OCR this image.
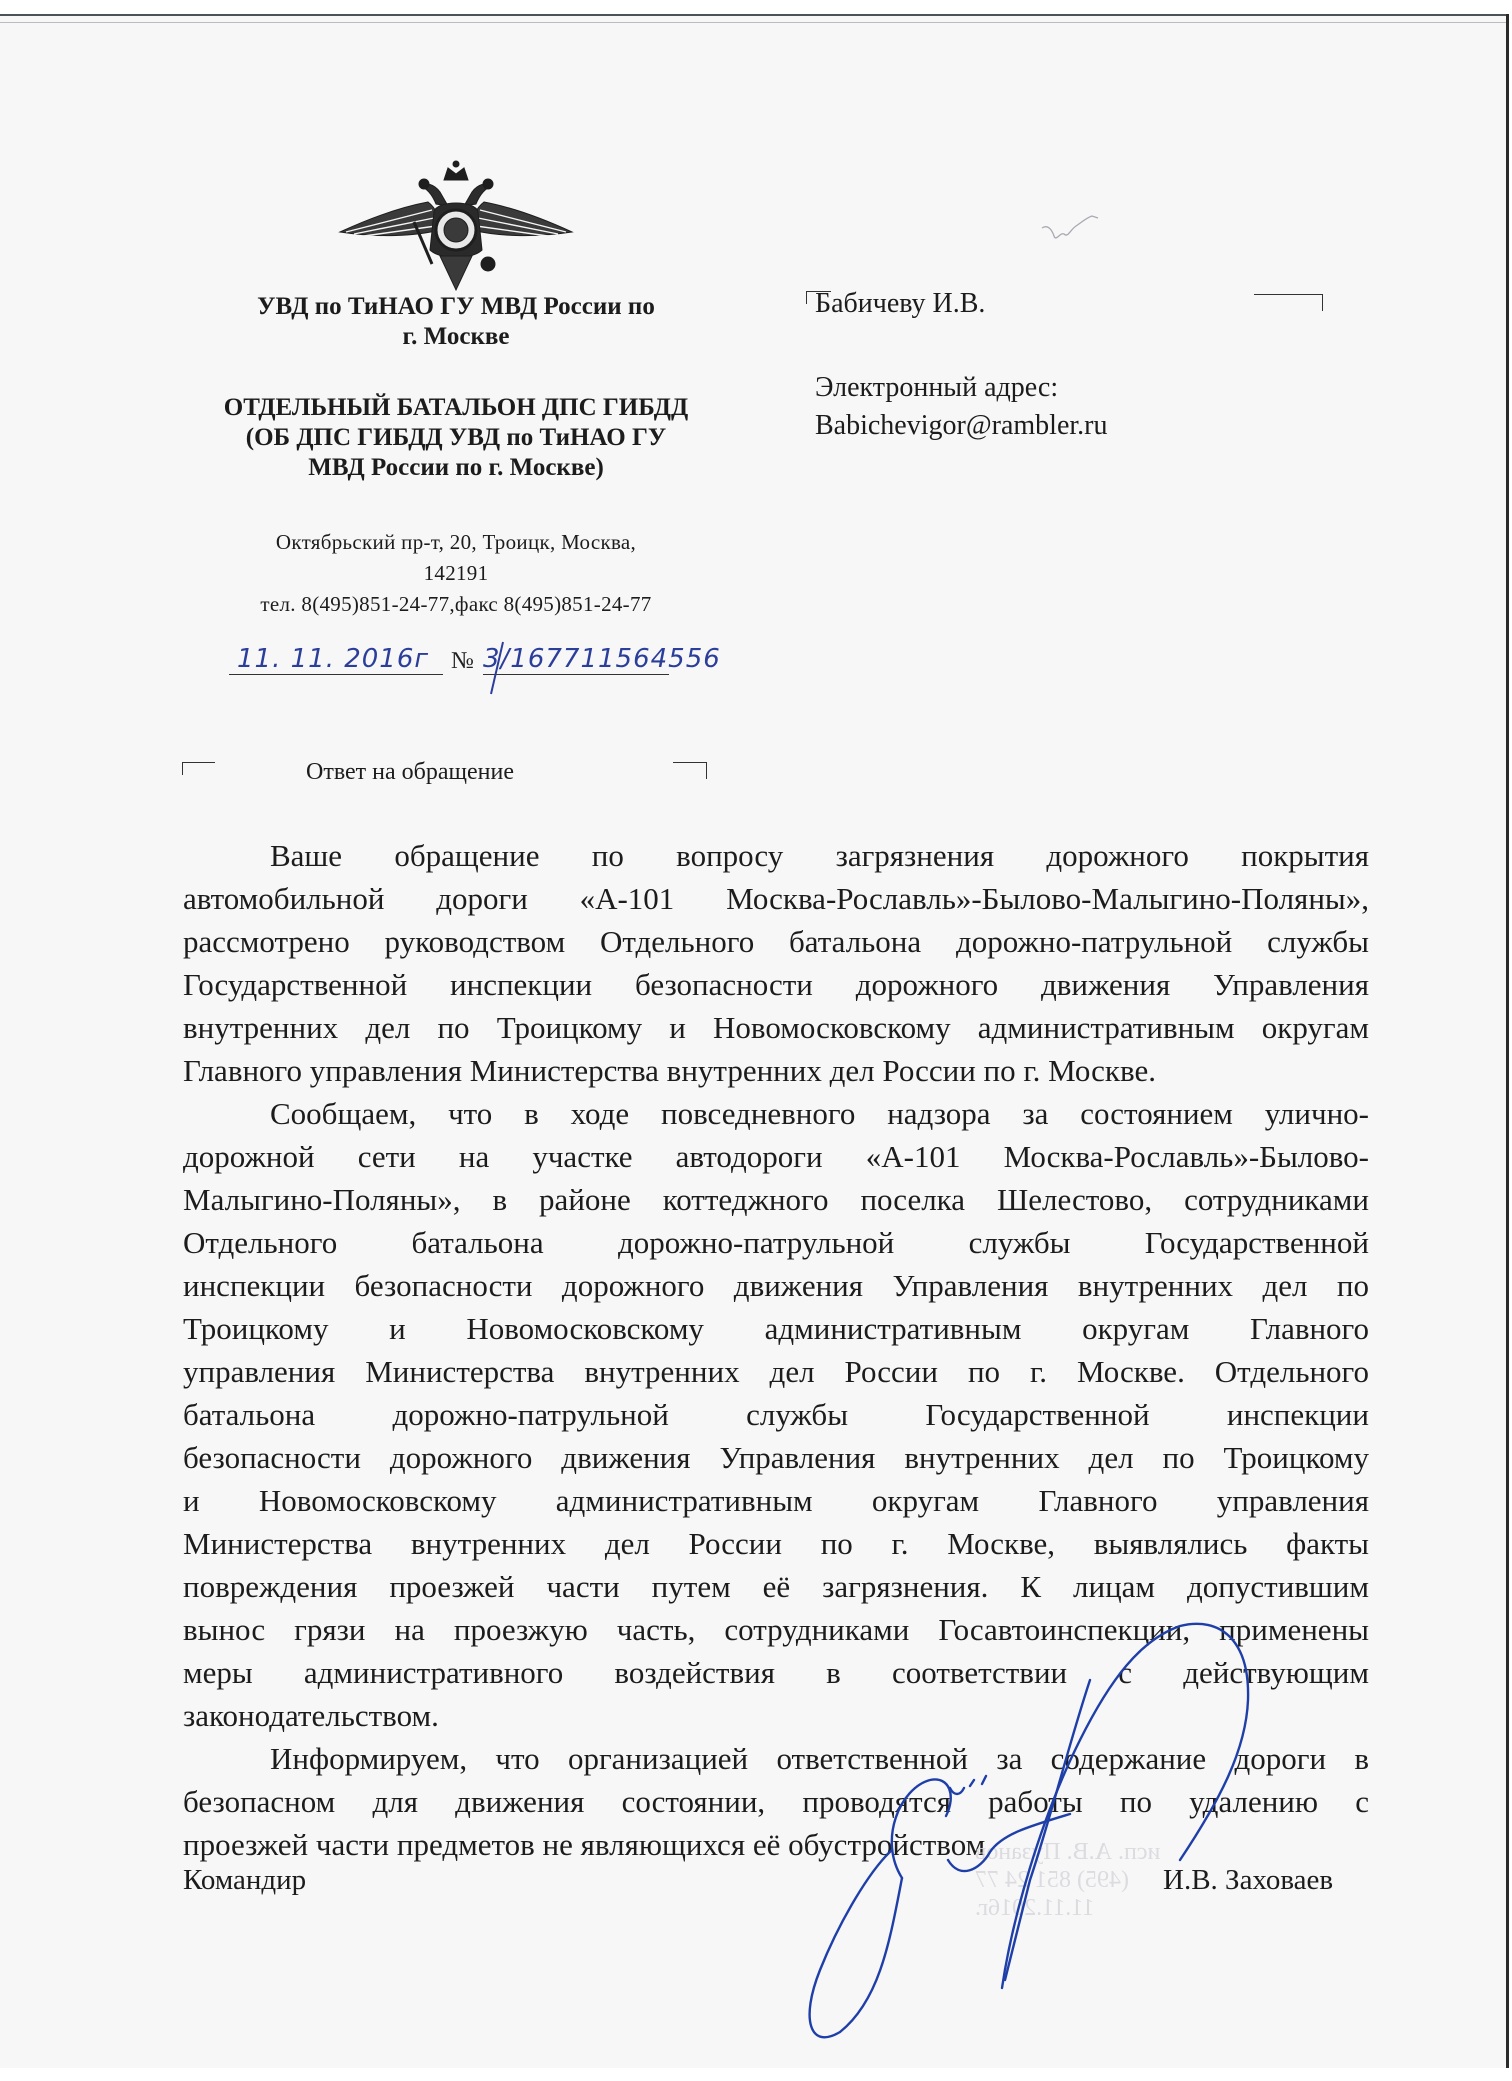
УВД по ТиНАО ГУ МВД России по
г. Москве
ОТДЕЛЬНЫЙ БАТАЛЬОН ДПС ГИБДД
(ОБ ДПС ГИБДД УВД по ТиНАО ГУ
МВД России по г. Москве)
Октябрьский пр-т, 20, Троицк, Москва,
142191
тел. 8(495)851-24-77,факс 8(495)851-24-77
11. 11. 2016г № 3/167711564556
Бабичеву И.В.
Электронный адрес:
Babichevigor@rambler.ru
Ответ на обращение
Ваше обращение по вопросу загрязнения дорожного покрытия
автомобильной дороги «А-101 Москва-Рославль»-Былово-Малыгино-Поляны»,
рассмотрено руководством Отдельного батальона дорожно-патрульной службы
Государственной инспекции безопасности дорожного движения Управления
внутренних дел по Троицкому и Новомосковскому административным округам
Главного управления Министерства внутренних дел России по г. Москве.
Сообщаем, что в ходе повседневного надзора за состоянием улично-
дорожной сети на участке автодороги «А-101 Москва-Рославль»-Былово-
Малыгино-Поляны», в районе коттеджного поселка Шелестово, сотрудниками
Отдельного батальона дорожно-патрульной службы Государственной
инспекции безопасности дорожного движения Управления внутренних дел по
Троицкому и Новомосковскому административным округам Главного
управления Министерства внутренних дел России по г. Москве. Отдельного
батальона дорожно-патрульной службы Государственной инспекции
безопасности дорожного движения Управления внутренних дел по Троицкому
и Новомосковскому административным округам Главного управления
Министерства внутренних дел России по г. Москве, выявлялись факты
повреждения проезжей части путем её загрязнения. К лицам допустившим
вынос грязи на проезжую часть, сотрудниками Госавтоинспекции, применены
меры административного воздействия в соответствии с действующим
законодательством.
Информируем, что организацией ответственной за содержание дороги в
безопасном для движения состоянии, проводятся работы по удалению с
проезжей части предметов не являющихся её обустройством
исп. А.В. Пузанов
(495) 851 24 77
11.11.2016г.
Командир	И.В. Заховаев
